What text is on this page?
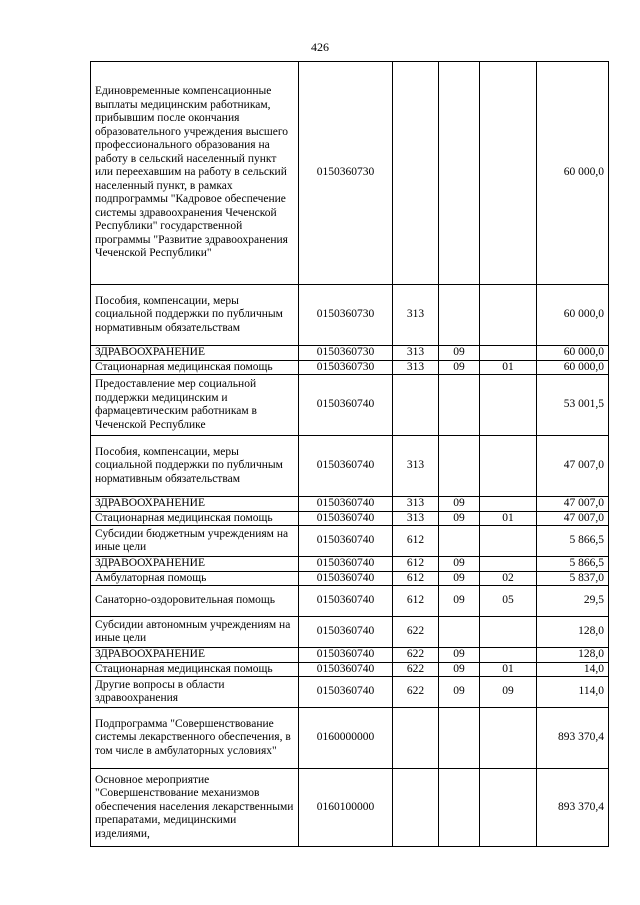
426
Единовременные компенсационные выплаты медицинским работникам, прибывшим после окончания образовательного учреждения высшего профессионального образования на работу в сельский населенный пункт или переехавшим на работу в сельский населенный пункт, в рамках подпрограммы "Кадровое обеспечение системы здравоохранения Чеченской Республики" государственной программы "Развитие здравоохранения Чеченской Республики"	0150360730				60 000,0
Пособия, компенсации, меры социальной поддержки по публичным нормативным обязательствам	0150360730	313			60 000,0
ЗДРАВООХРАНЕНИЕ	0150360730	313	09		60 000,0
Стационарная медицинская помощь	0150360730	313	09	01	60 000,0
Предоставление мер социальной поддержки медицинским и фармацевтическим работникам в Чеченской Республике	0150360740				53 001,5
Пособия, компенсации, меры социальной поддержки по публичным нормативным обязательствам	0150360740	313			47 007,0
ЗДРАВООХРАНЕНИЕ	0150360740	313	09		47 007,0
Стационарная медицинская помощь	0150360740	313	09	01	47 007,0
Субсидии бюджетным учреждениям на иные цели	0150360740	612			5 866,5
ЗДРАВООХРАНЕНИЕ	0150360740	612	09		5 866,5
Амбулаторная помощь	0150360740	612	09	02	5 837,0
Санаторно-оздоровительная помощь	0150360740	612	09	05	29,5
Субсидии автономным учреждениям на иные цели	0150360740	622			128,0
ЗДРАВООХРАНЕНИЕ	0150360740	622	09		128,0
Стационарная медицинская помощь	0150360740	622	09	01	14,0
Другие вопросы в области здравоохранения	0150360740	622	09	09	114,0
Подпрограмма "Совершенствование системы лекарственного обеспечения, в том числе в амбулаторных условиях"	0160000000				893 370,4
Основное мероприятие "Совершенствование механизмов обеспечения населения лекарственными препаратами, медицинскими изделиями,	0160100000				893 370,4
